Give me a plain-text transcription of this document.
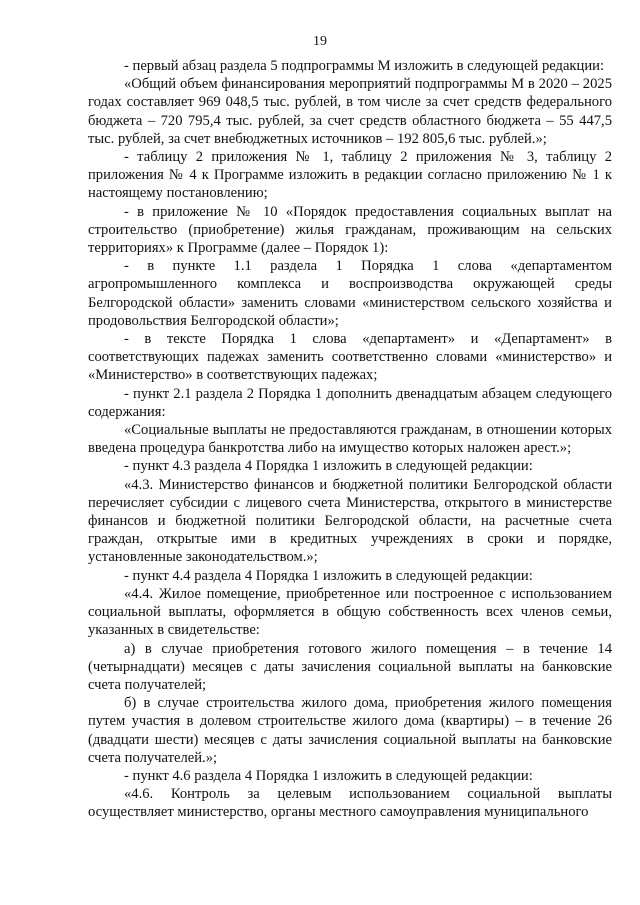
19

- первый абзац раздела 5 подпрограммы М изложить в следующей редакции:

«Общий объем финансирования мероприятий подпрограммы М в 2020 – 2025 годах составляет 969 048,5 тыс. рублей, в том числе за счет средств федерального бюджета – 720 795,4 тыс. рублей, за счет средств областного бюджета – 55 447,5 тыс. рублей, за счет внебюджетных источников – 192 805,6 тыс. рублей.»;

- таблицу 2 приложения № 1, таблицу 2 приложения № 3, таблицу 2 приложения № 4 к Программе изложить в редакции согласно приложению № 1 к настоящему постановлению;

- в приложение № 10 «Порядок предоставления социальных выплат на строительство (приобретение) жилья гражданам, проживающим на сельских территориях» к Программе (далее – Порядок 1):

- в пункте 1.1 раздела 1 Порядка 1 слова «департаментом агропромышленного комплекса и воспроизводства окружающей среды Белгородской области» заменить словами «министерством сельского хозяйства и продовольствия Белгородской области»;

- в тексте Порядка 1 слова «департамент» и «Департамент» в соответствующих падежах заменить соответственно словами «министерство» и «Министерство» в соответствующих падежах;

- пункт 2.1 раздела 2 Порядка 1 дополнить двенадцатым абзацем следующего содержания:

«Социальные выплаты не предоставляются гражданам, в отношении которых введена процедура банкротства либо на имущество которых наложен арест.»;

- пункт 4.3 раздела 4 Порядка 1 изложить в следующей редакции:

«4.3. Министерство финансов и бюджетной политики Белгородской области перечисляет субсидии с лицевого счета Министерства, открытого в министерстве финансов и бюджетной политики Белгородской области, на расчетные счета граждан, открытые ими в кредитных учреждениях в сроки и порядке, установленные законодательством.»;

- пункт 4.4 раздела 4 Порядка 1 изложить в следующей редакции:

«4.4. Жилое помещение, приобретенное или построенное с использованием социальной выплаты, оформляется в общую собственность всех членов семьи, указанных в свидетельстве:

а) в случае приобретения готового жилого помещения – в течение 14 (четырнадцати) месяцев с даты зачисления социальной выплаты на банковские счета получателей;

б) в случае строительства жилого дома, приобретения жилого помещения путем участия в долевом строительстве жилого дома (квартиры) – в течение 26 (двадцати шести) месяцев с даты зачисления социальной выплаты на банковские счета получателей.»;

- пункт 4.6 раздела 4 Порядка 1 изложить в следующей редакции:

«4.6. Контроль за целевым использованием социальной выплаты осуществляет министерство, органы местного самоуправления муниципального
